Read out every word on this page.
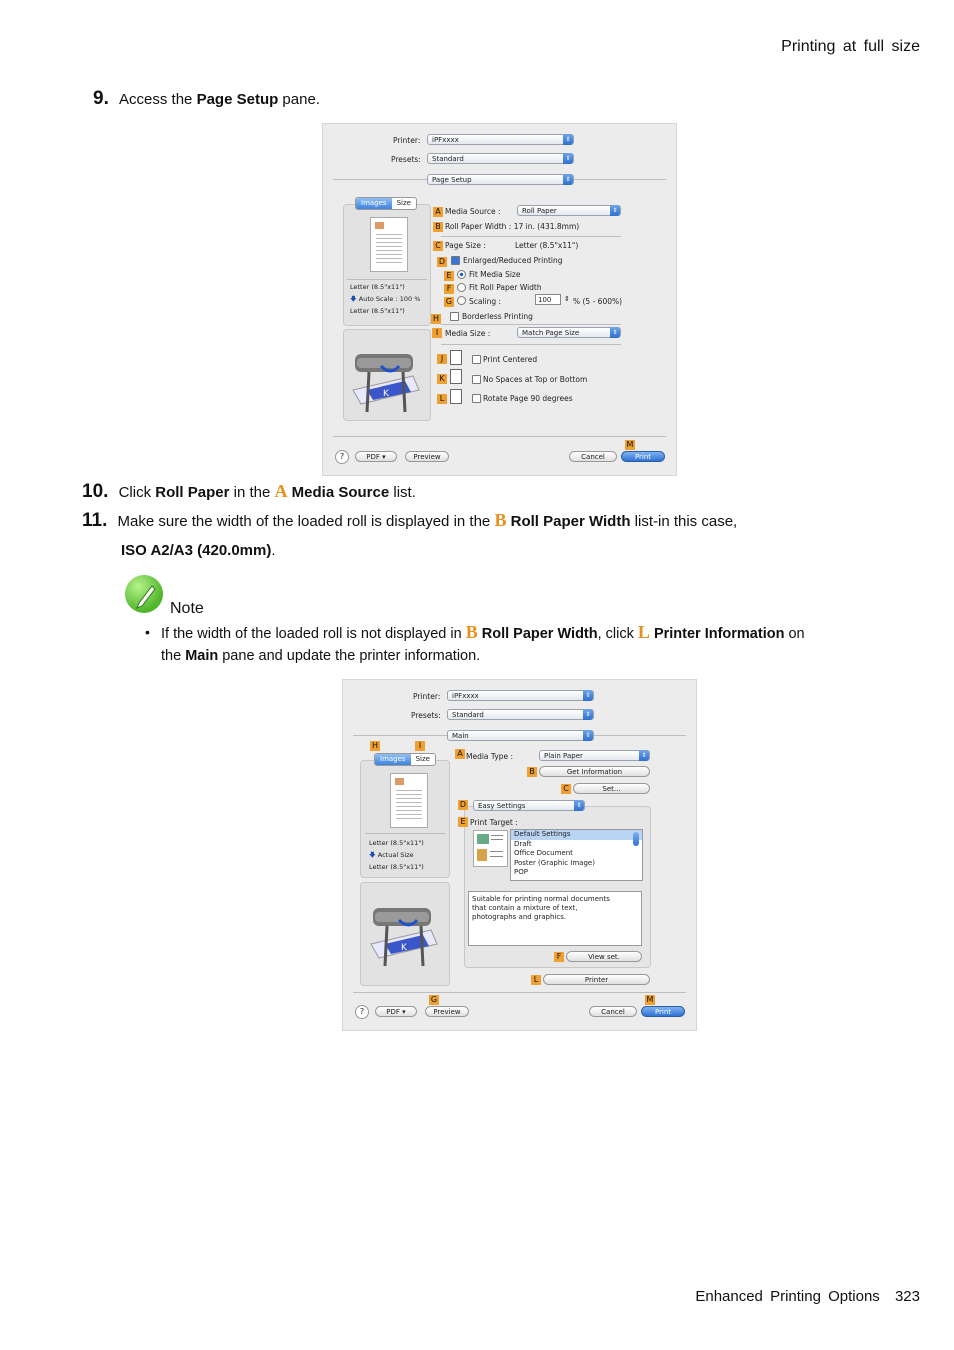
Printing at full size
9. Access the Page Setup pane.
Printer:	iPFxxxx	⇕
Presets:	Standard	⇕
Page Setup	⇕
Images	Size
Letter (8.5"x11")
🡇 Auto Scale : 100 %
Letter (8.5"x11")
K
A Media Source :	Roll Paper	⇕
B Roll Paper Width : 17 in. (431.8mm)
C Page Size :	Letter (8.5"x11")
D Enlarged/Reduced Printing
E	Fit Media Size
F	Fit Roll Paper Width
G Scaling :	100	⇕ % (5 - 600%)
Borderless Printing
H
I Media Size :	Match Page Size	⇕
J	Print Centered
K	No Spaces at Top or Bottom
L	Rotate Page 90 degrees
M
?	PDF ▾	Preview	Cancel	Print
10. Click Roll Paper in the A Media Source list.
11. Make sure the width of the loaded roll is displayed in the B Roll Paper Width list-in this case,
ISO A2/A3 (420.0mm).
Note
• If the width of the loaded roll is not displayed in B Roll Paper Width, click L Printer Information on
the Main pane and update the printer information.
Printer:	iPFxxxx	⇕
Presets:	Standard	⇕
Main	⇕
H	I
Images	Size
Letter (8.5"x11")
🡇 Actual Size
Letter (8.5"x11")
K
A Media Type :	Plain Paper	⇕
B	Get Information
C	Set...
D	Easy Settings	⇕
E Print Target :
Default Settings
Draft
Office Document
Poster (Graphic Image)
POP
Suitable for printing normal documents
that contain a mixture of text,
photographs and graphics.
F	View set.
L	Printer
G	M
?	PDF ▾	Preview	Cancel	Print
Enhanced Printing Options 323
